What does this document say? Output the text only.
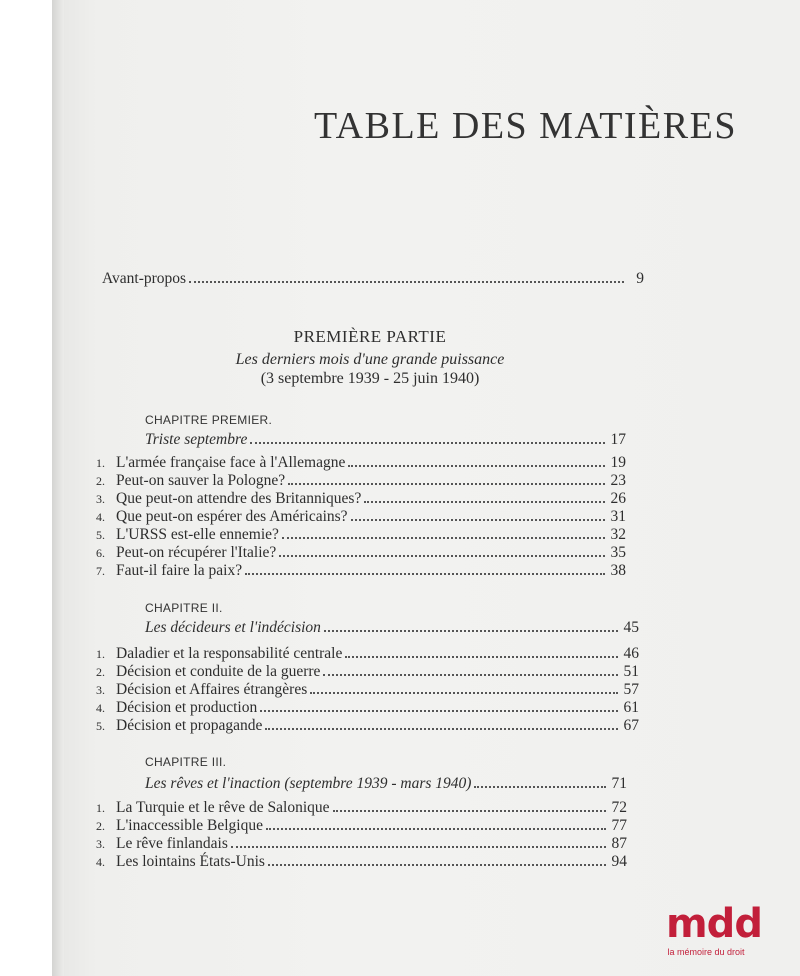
TABLE DES MATIÈRES
Avant-propos	9
PREMIÈRE PARTIE
Les derniers mois d'une grande puissance
(3 septembre 1939 - 25 juin 1940)
CHAPITRE PREMIER.
Triste septembre	17
1. L'armée française face à l'Allemagne	19
2. Peut-on sauver la Pologne?	23
3. Que peut-on attendre des Britanniques?	26
4. Que peut-on espérer des Américains?	31
5. L'URSS est-elle ennemie?	32
6. Peut-on récupérer l'Italie?	35
7. Faut-il faire la paix?	38
CHAPITRE II.
Les décideurs et l'indécision	45
1. Daladier et la responsabilité centrale	46
2. Décision et conduite de la guerre	51
3. Décision et Affaires étrangères	57
4. Décision et production	61
5. Décision et propagande	67
CHAPITRE III.
Les rêves et l'inaction (septembre 1939 - mars 1940)	71
1. La Turquie et le rêve de Salonique	72
2. L'inaccessible Belgique	77
3. Le rêve finlandais	87
4. Les lointains États-Unis	94
mdd
la mémoire du droit
